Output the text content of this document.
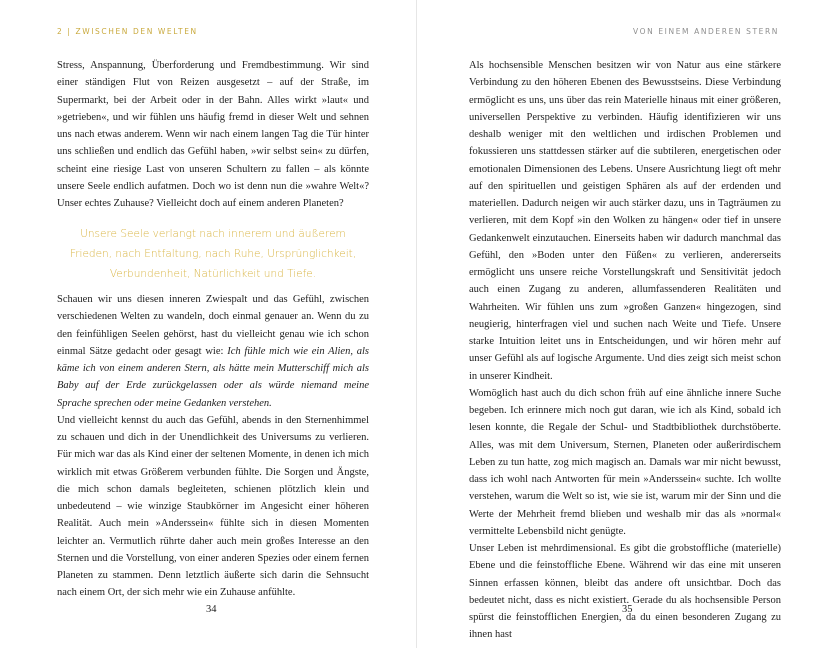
2 | ZWISCHEN DEN WELTEN

Stress, Anspannung, Überforderung und Fremdbestimmung. Wir sind einer ständigen Flut von Reizen ausgesetzt – auf der Straße, im Supermarkt, bei der Arbeit oder in der Bahn. Alles wirkt »laut« und »getrieben«, und wir fühlen uns häufig fremd in dieser Welt und sehnen uns nach etwas anderem. Wenn wir nach einem langen Tag die Tür hinter uns schließen und endlich das Gefühl haben, »wir selbst sein« zu dürfen, scheint eine riesige Last von unseren Schultern zu fallen – als könnte unsere Seele endlich aufatmen. Doch wo ist denn nun die »wahre Welt«? Unser echtes Zuhause? Vielleicht doch auf einem anderen Planeten?

Unsere Seele verlangt nach innerem und äußerem Frieden, nach Entfaltung, nach Ruhe, Ursprünglichkeit, Verbundenheit, Natürlichkeit und Tiefe.

Schauen wir uns diesen inneren Zwiespalt und das Gefühl, zwischen verschiedenen Welten zu wandeln, doch einmal genauer an. Wenn du zu den feinfühligen Seelen gehörst, hast du vielleicht genau wie ich schon einmal Sätze gedacht oder gesagt wie: Ich fühle mich wie ein Alien, als käme ich von einem anderen Stern, als hätte mein Mutterschiff mich als Baby auf der Erde zurückgelassen oder als würde niemand meine Sprache sprechen oder meine Gedanken verstehen.

Und vielleicht kennst du auch das Gefühl, abends in den Sternenhimmel zu schauen und dich in der Unendlichkeit des Universums zu verlieren. Für mich war das als Kind einer der seltenen Momente, in denen ich mich wirklich mit etwas Größerem verbunden fühlte. Die Sorgen und Ängste, die mich schon damals begleiteten, schienen plötzlich klein und unbedeutend – wie winzige Staubkörner im Angesicht einer höheren Realität. Auch mein »Anderssein« fühlte sich in diesen Momenten leichter an. Vermutlich rührte daher auch mein großes Interesse an den Sternen und die Vorstellung, von einer anderen Spezies oder einem fernen Planeten zu stammen. Denn letztlich äußerte sich darin die Sehnsucht nach einem Ort, der sich mehr wie ein Zuhause anfühlte.

34
VON EINEM ANDEREN STERN

Als hochsensible Menschen besitzen wir von Natur aus eine stärkere Verbindung zu den höheren Ebenen des Bewusstseins. Diese Verbindung ermöglicht es uns, uns über das rein Materielle hinaus mit einer größeren, universellen Perspektive zu verbinden. Häufig identifizieren wir uns deshalb weniger mit den weltlichen und irdischen Problemen und fokussieren uns stattdessen stärker auf die subtileren, energetischen oder emotionalen Dimensionen des Lebens. Unsere Ausrichtung liegt oft mehr auf den spirituellen und geistigen Sphären als auf der erdenden und materiellen. Dadurch neigen wir auch stärker dazu, uns in Tagträumen zu verlieren, mit dem Kopf »in den Wolken zu hängen« oder tief in unsere Gedankenwelt einzutauchen. Einerseits haben wir dadurch manchmal das Gefühl, den »Boden unter den Füßen« zu verlieren, andererseits ermöglicht uns unsere reiche Vorstellungskraft und Sensitivität jedoch auch einen Zugang zu anderen, allumfassenderen Realitäten und Wahrheiten. Wir fühlen uns zum »großen Ganzen« hingezogen, sind neugierig, hinterfragen viel und suchen nach Weite und Tiefe. Unsere starke Intuition leitet uns in Entscheidungen, und wir hören mehr auf unser Gefühl als auf logische Argumente. Und dies zeigt sich meist schon in unserer Kindheit.

Womöglich hast auch du dich schon früh auf eine ähnliche innere Suche begeben. Ich erinnere mich noch gut daran, wie ich als Kind, sobald ich lesen konnte, die Regale der Schul- und Stadtbibliothek durchstöberte. Alles, was mit dem Universum, Sternen, Planeten oder außerirdischem Leben zu tun hatte, zog mich magisch an. Damals war mir nicht bewusst, dass ich wohl nach Antworten für mein »Anderssein« suchte. Ich wollte verstehen, warum die Welt so ist, wie sie ist, warum mir der Sinn und die Werte der Mehrheit fremd blieben und weshalb mir das als »normal« vermittelte Lebensbild nicht genügte.

Unser Leben ist mehrdimensional. Es gibt die grobstoffliche (materielle) Ebene und die feinstoffliche Ebene. Während wir das eine mit unseren Sinnen erfassen können, bleibt das andere oft unsichtbar. Doch das bedeutet nicht, dass es nicht existiert. Gerade du als hochsensible Person spürst die feinstofflichen Energien, da du einen besonderen Zugang zu ihnen hast

35
